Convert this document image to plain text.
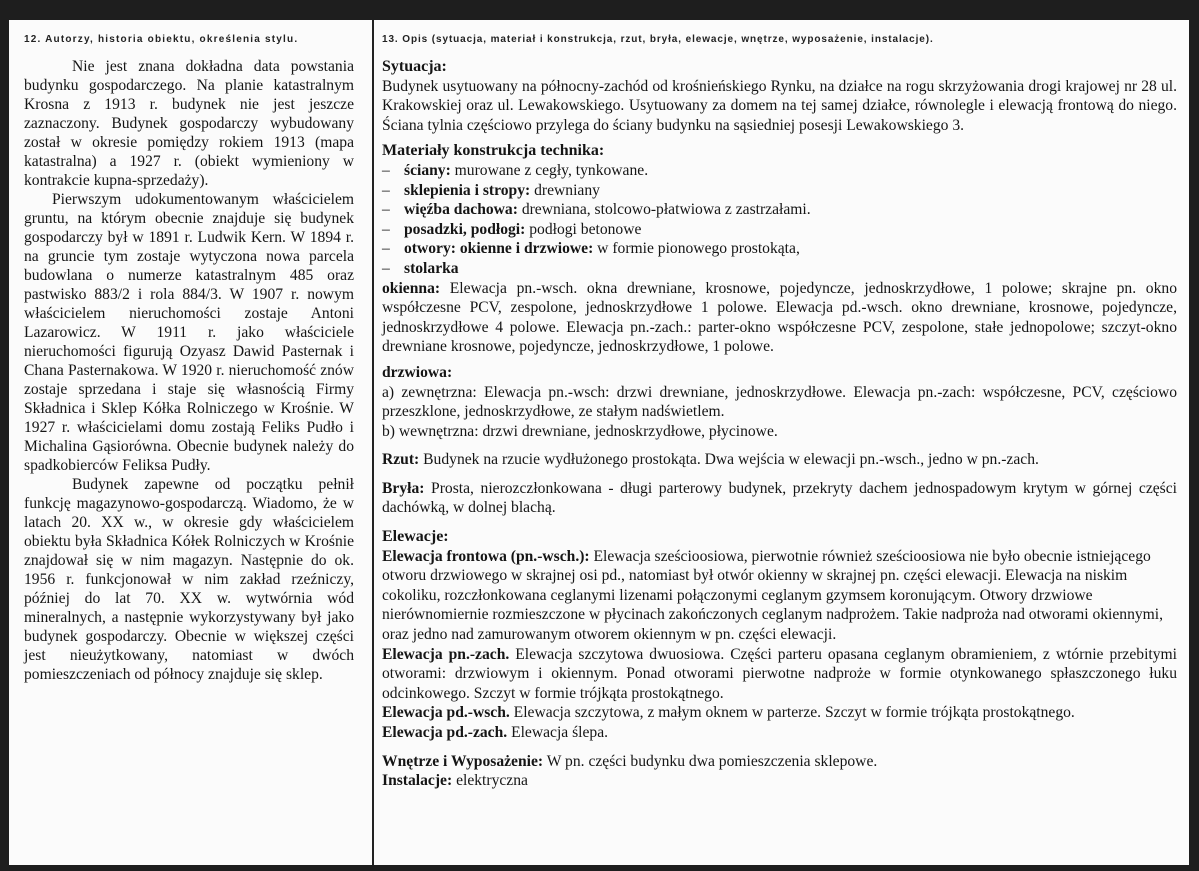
12. Autorzy, historia obiektu, określenia stylu.

Nie jest znana dokładna data powstania budynku gospodarczego. Na planie katastralnym Krosna z 1913 r. budynek nie jest jeszcze zaznaczony. Budynek gospodarczy wybudowany został w okresie pomiędzy rokiem 1913 (mapa katastralna) a 1927 r. (obiekt wymieniony w kontrakcie kupna-sprzedaży).

Pierwszym udokumentowanym właścicielem gruntu, na którym obecnie znajduje się budynek gospodarczy był w 1891 r. Ludwik Kern. W 1894 r. na gruncie tym zostaje wytyczona nowa parcela budowlana o numerze katastralnym 485 oraz pastwisko 883/2 i rola 884/3. W 1907 r. nowym właścicielem nieruchomości zostaje Antoni Lazarowicz. W 1911 r. jako właściciele nieruchomości figurują Ozyasz Dawid Pasternak i Chana Pasternakowa. W 1920 r. nieruchomość znów zostaje sprzedana i staje się własnością Firmy Składnica i Sklep Kółka Rolniczego w Krośnie. W 1927 r. właścicielami domu zostają Feliks Pudło i Michalina Gąsiorówna. Obecnie budynek należy do spadkobierców Feliksa Pudły.

Budynek zapewne od początku pełnił funkcję magazynowo-gospodarczą. Wiadomo, że w latach 20. XX w., w okresie gdy właścicielem obiektu była Składnica Kółek Rolniczych w Krośnie znajdował się w nim magazyn. Następnie do ok. 1956 r. funkcjonował w nim zakład rzeźniczy, później do lat 70. XX w. wytwórnia wód mineralnych, a następnie wykorzystywany był jako budynek gospodarczy. Obecnie w większej części jest nieużytkowany, natomiast w dwóch pomieszczeniach od północy znajduje się sklep.

13. Opis (sytuacja, materiał i konstrukcja, rzut, bryła, elewacje, wnętrze, wyposażenie, instalacje).
Sytuacja:

Budynek usytuowany na północny-zachód od krośnieńskiego Rynku, na działce na rogu skrzyżowania drogi krajowej nr 28 ul. Krakowskiej oraz ul. Lewakowskiego. Usytuowany za domem na tej samej działce, równolegle i elewacją frontową do niego. Ściana tylnia częściowo przylega do ściany budynku na sąsiedniej posesji Lewakowskiego 3.

Materiały konstrukcja technika:
– ściany: murowane z cegły, tynkowane.
– sklepienia i stropy: drewniany
– więźba dachowa: drewniana, stolcowo-płatwiowa z zastrzałami.
– posadzki, podłogi: podłogi betonowe
– otwory: okienne i drzwiowe: w formie pionowego prostokąta,
– stolarka

okienna: Elewacja pn.-wsch. okna drewniane, krosnowe, pojedyncze, jednoskrzydłowe, 1 polowe; skrajne pn. okno współczesne PCV, zespolone, jednoskrzydłowe 1 polowe. Elewacja pd.-wsch. okno drewniane, krosnowe, pojedyncze, jednoskrzydłowe 4 polowe. Elewacja pn.-zach.: parter-okno współczesne PCV, zespolone, stałe jednopolowe; szczyt-okno drewniane krosnowe, pojedyncze, jednoskrzydłowe, 1 polowe.

drzwiowa:

a) zewnętrzna: Elewacja pn.-wsch: drzwi drewniane, jednoskrzydłowe. Elewacja pn.-zach: współczesne, PCV, częściowo przeszklone, jednoskrzydłowe, ze stałym nadświetlem.

b) wewnętrzna: drzwi drewniane, jednoskrzydłowe, płycinowe.

Rzut: Budynek na rzucie wydłużonego prostokąta. Dwa wejścia w elewacji pn.-wsch., jedno w pn.-zach.

Bryła: Prosta, nierozczłonkowana - długi parterowy budynek, przekryty dachem jednospadowym krytym w górnej części dachówką, w dolnej blachą.

Elewacje:

Elewacja frontowa (pn.-wsch.): Elewacja sześcioosiowa, pierwotnie również sześcioosiowa nie było obecnie istniejącego otworu drzwiowego w skrajnej osi pd., natomiast był otwór okienny w skrajnej pn. części elewacji. Elewacja na niskim cokoliku, rozczłonkowana ceglanymi lizenami połączonymi ceglanym gzymsem koronującym. Otwory drzwiowe nierównomiernie rozmieszczone w płycinach zakończonych ceglanym nadprożem. Takie nadproża nad otworami okiennymi, oraz jedno nad zamurowanym otworem okiennym w pn. części elewacji.

Elewacja pn.-zach. Elewacja szczytowa dwuosiowa. Części parteru opasana ceglanym obramieniem, z wtórnie przebitymi otworami: drzwiowym i okiennym. Ponad otworami pierwotne nadproże w formie otynkowanego spłaszczonego łuku odcinkowego. Szczyt w formie trójkąta prostokątnego.

Elewacja pd.-wsch. Elewacja szczytowa, z małym oknem w parterze. Szczyt w formie trójkąta prostokątnego.

Elewacja pd.-zach. Elewacja ślepa.

Wnętrze i Wyposażenie: W pn. części budynku dwa pomieszczenia sklepowe.

Instalacje: elektryczna
